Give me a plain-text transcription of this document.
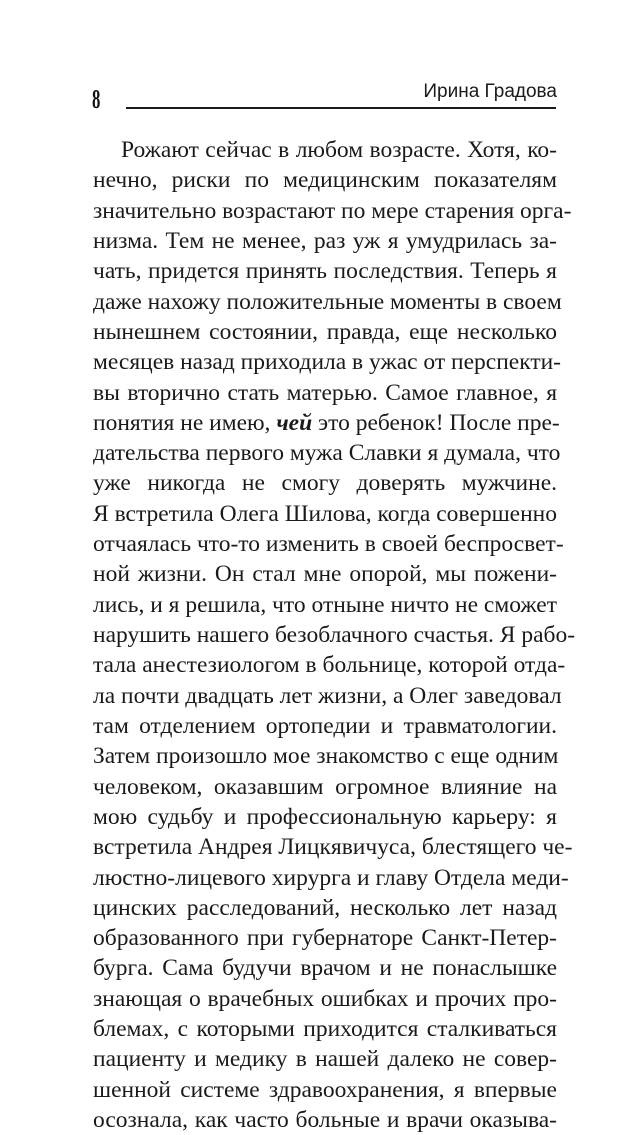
8	Ирина Градова
Рожают сейчас в любом возрасте. Хотя, ко-
нечно, риски по медицинским показателям
значительно возрастают по мере старения орга-
низма. Тем не менее, раз уж я умудрилась за-
чать, придется принять последствия. Теперь я
даже нахожу положительные моменты в своем
нынешнем состоянии, правда, еще несколько
месяцев назад приходила в ужас от перспекти-
вы вторично стать матерью. Самое главное, я
понятия не имею, чей это ребенок! После пре-
дательства первого мужа Славки я думала, что
уже никогда не смогу доверять мужчине.
Я встретила Олега Шилова, когда совершенно
отчаялась что-то изменить в своей беспросвет-
ной жизни. Он стал мне опорой, мы пожени-
лись, и я решила, что отныне ничто не сможет
нарушить нашего безоблачного счастья. Я рабо-
тала анестезиологом в больнице, которой отда-
ла почти двадцать лет жизни, а Олег заведовал
там отделением ортопедии и травматологии.
Затем произошло мое знакомство с еще одним
человеком, оказавшим огромное влияние на
мою судьбу и профессиональную карьеру: я
встретила Андрея Лицкявичуса, блестящего че-
люстно-лицевого хирурга и главу Отдела меди-
цинских расследований, несколько лет назад
образованного при губернаторе Санкт-Петер-
бурга. Сама будучи врачом и не понаслышке
знающая о врачебных ошибках и прочих про-
блемах, с которыми приходится сталкиваться
пациенту и медику в нашей далеко не совер-
шенной системе здравоохранения, я впервые
осознала, как часто больные и врачи оказыва-
